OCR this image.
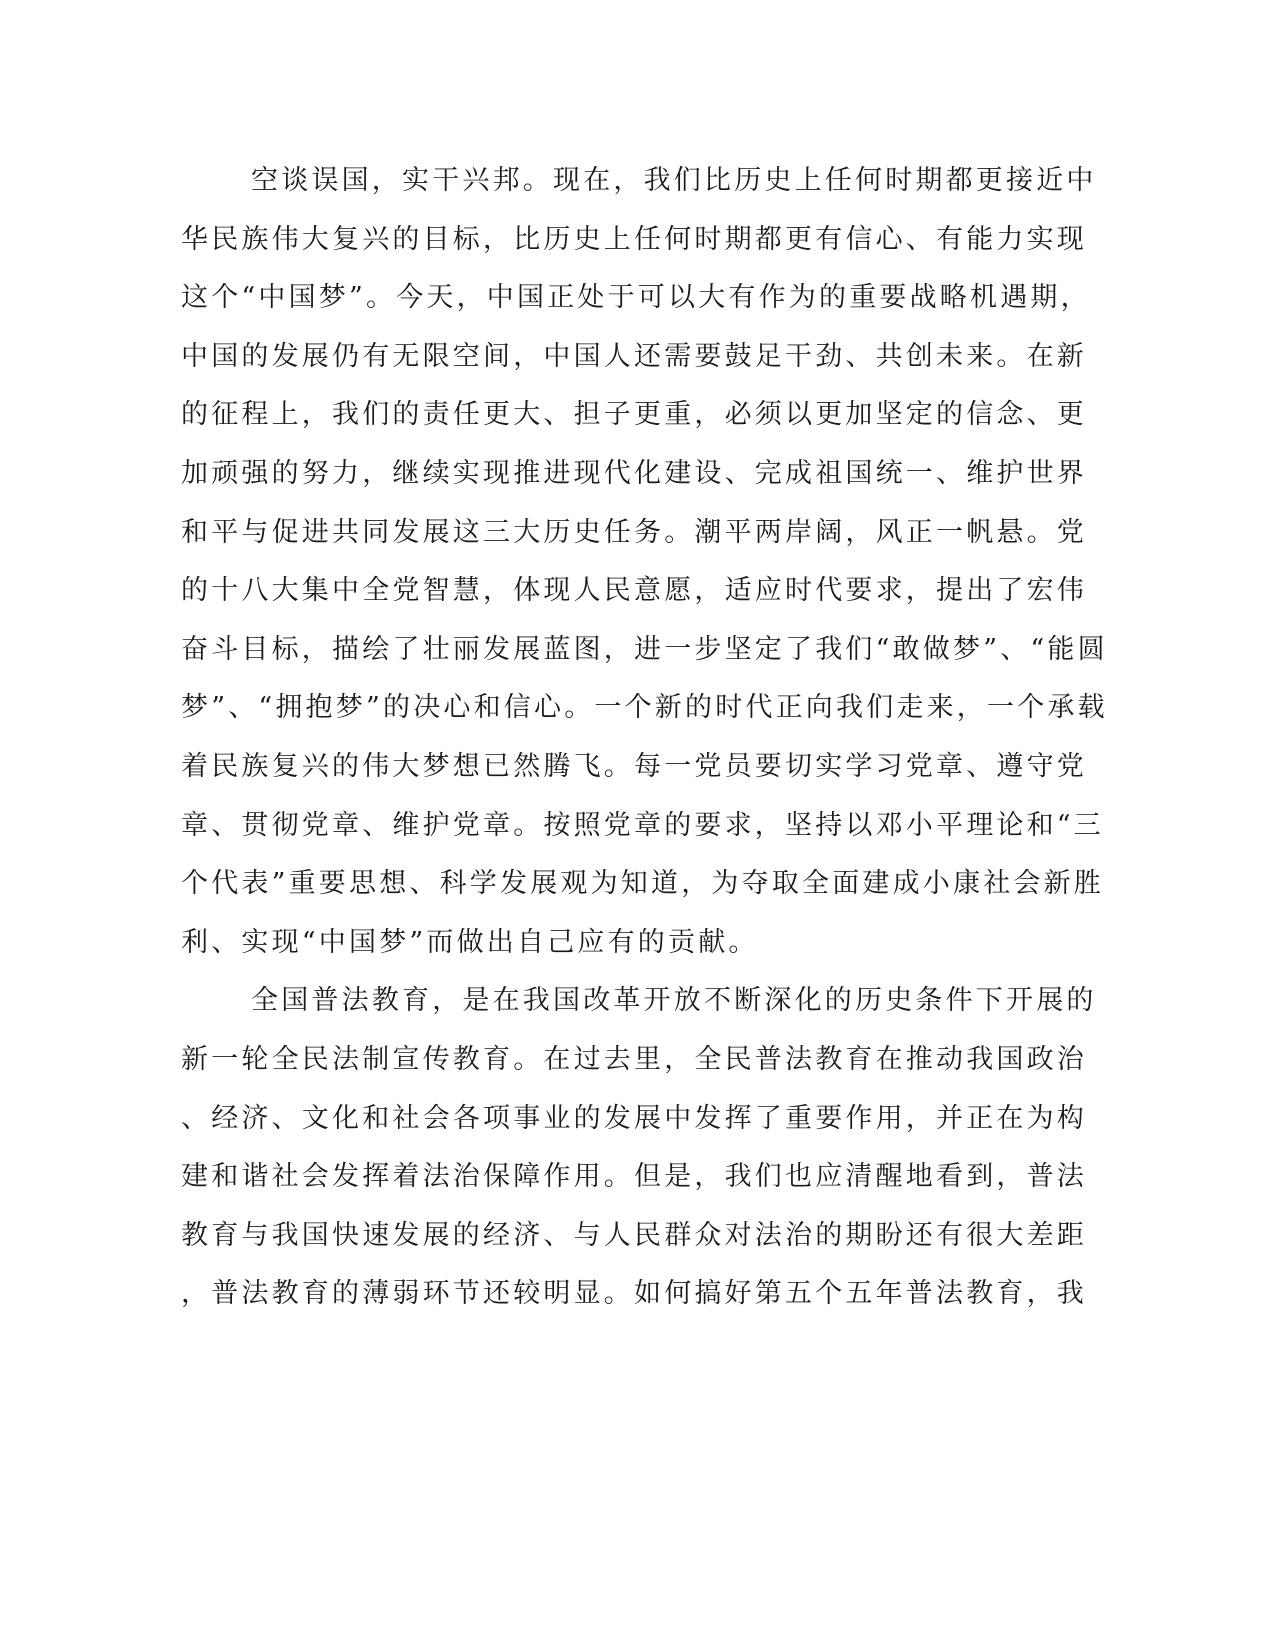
空谈误国，实干兴邦。现在，我们比历史上任何时期都更接近中
华民族伟大复兴的目标，比历史上任何时期都更有信心、有能力实现
这个“中国梦”。今天，中国正处于可以大有作为的重要战略机遇期，
中国的发展仍有无限空间，中国人还需要鼓足干劲、共创未来。在新
的征程上，我们的责任更大、担子更重，必须以更加坚定的信念、更
加顽强的努力，继续实现推进现代化建设、完成祖国统一、维护世界
和平与促进共同发展这三大历史任务。潮平两岸阔，风正一帆悬。党
的十八大集中全党智慧，体现人民意愿，适应时代要求，提出了宏伟
奋斗目标，描绘了壮丽发展蓝图，进一步坚定了我们“敢做梦”、“能圆
梦”、“拥抱梦”的决心和信心。一个新的时代正向我们走来，一个承载
着民族复兴的伟大梦想已然腾飞。每一党员要切实学习党章、遵守党
章、贯彻党章、维护党章。按照党章的要求，坚持以邓小平理论和“三
个代表”重要思想、科学发展观为知道，为夺取全面建成小康社会新胜
利、实现“中国梦”而做出自己应有的贡献。
全国普法教育，是在我国改革开放不断深化的历史条件下开展的
新一轮全民法制宣传教育。在过去里，全民普法教育在推动我国政治
、经济、文化和社会各项事业的发展中发挥了重要作用，并正在为构
建和谐社会发挥着法治保障作用。但是，我们也应清醒地看到，普法
教育与我国快速发展的经济、与人民群众对法治的期盼还有很大差距
，普法教育的薄弱环节还较明显。如何搞好第五个五年普法教育，我
